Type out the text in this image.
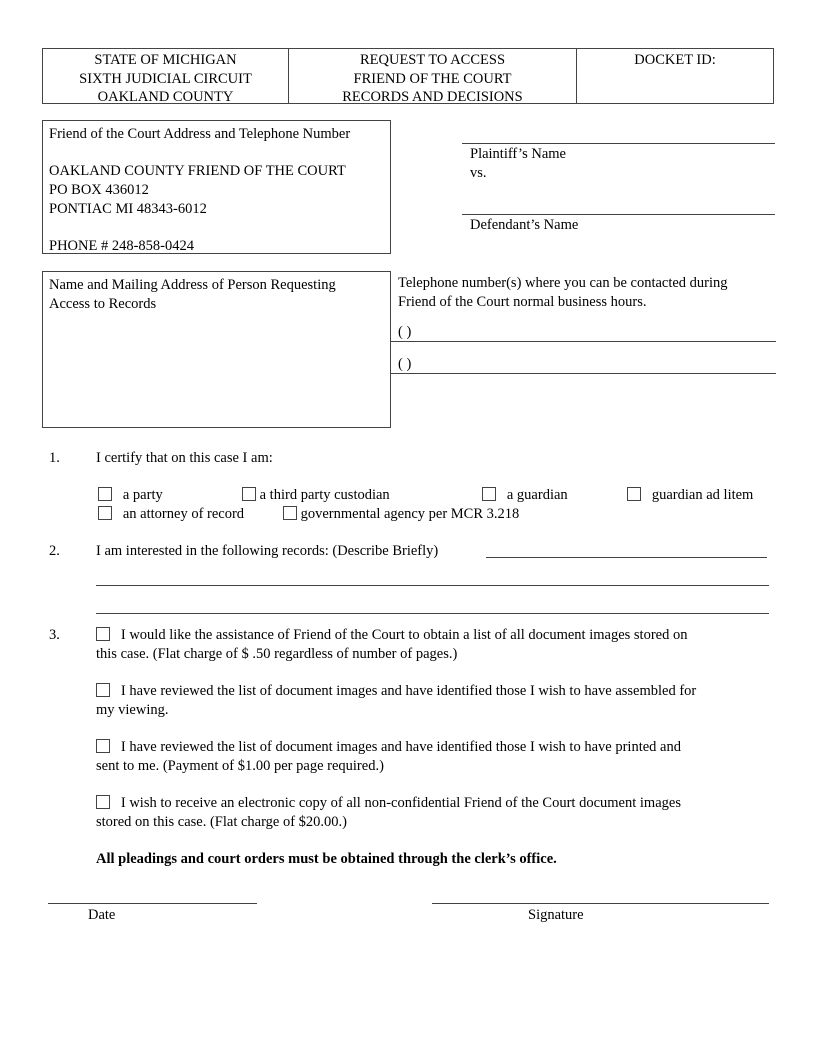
STATE OF MICHIGAN
SIXTH JUDICIAL CIRCUIT
OAKLAND COUNTY
REQUEST TO ACCESS
FRIEND OF THE COURT
RECORDS AND DECISIONS
DOCKET ID:
Friend of the Court Address and Telephone Number
OAKLAND COUNTY FRIEND OF THE COURT
PO BOX 436012
PONTIAC MI 48343-6012
PHONE # 248-858-0424
Plaintiff’s Name
vs.
Defendant’s Name
Name and Mailing Address of Person Requesting
Access to Records
Telephone number(s) where you can be contacted during
Friend of the Court normal business hours.
( )
( )
1. I certify that on this case I am:
a party	a third party custodian	a guardian	guardian ad litem
an attorney of record	governmental agency per MCR 3.218
2. I am interested in the following records: (Describe Briefly)
3.	I would like the assistance of Friend of the Court to obtain a list of all document images stored on
this case. (Flat charge of $ .50 regardless of number of pages.)
I have reviewed the list of document images and have identified those I wish to have assembled for
my viewing.
I have reviewed the list of document images and have identified those I wish to have printed and
sent to me. (Payment of $1.00 per page required.)
I wish to receive an electronic copy of all non-confidential Friend of the Court document images
stored on this case. (Flat charge of $20.00.)
All pleadings and court orders must be obtained through the clerk’s office.
Date	Signature
